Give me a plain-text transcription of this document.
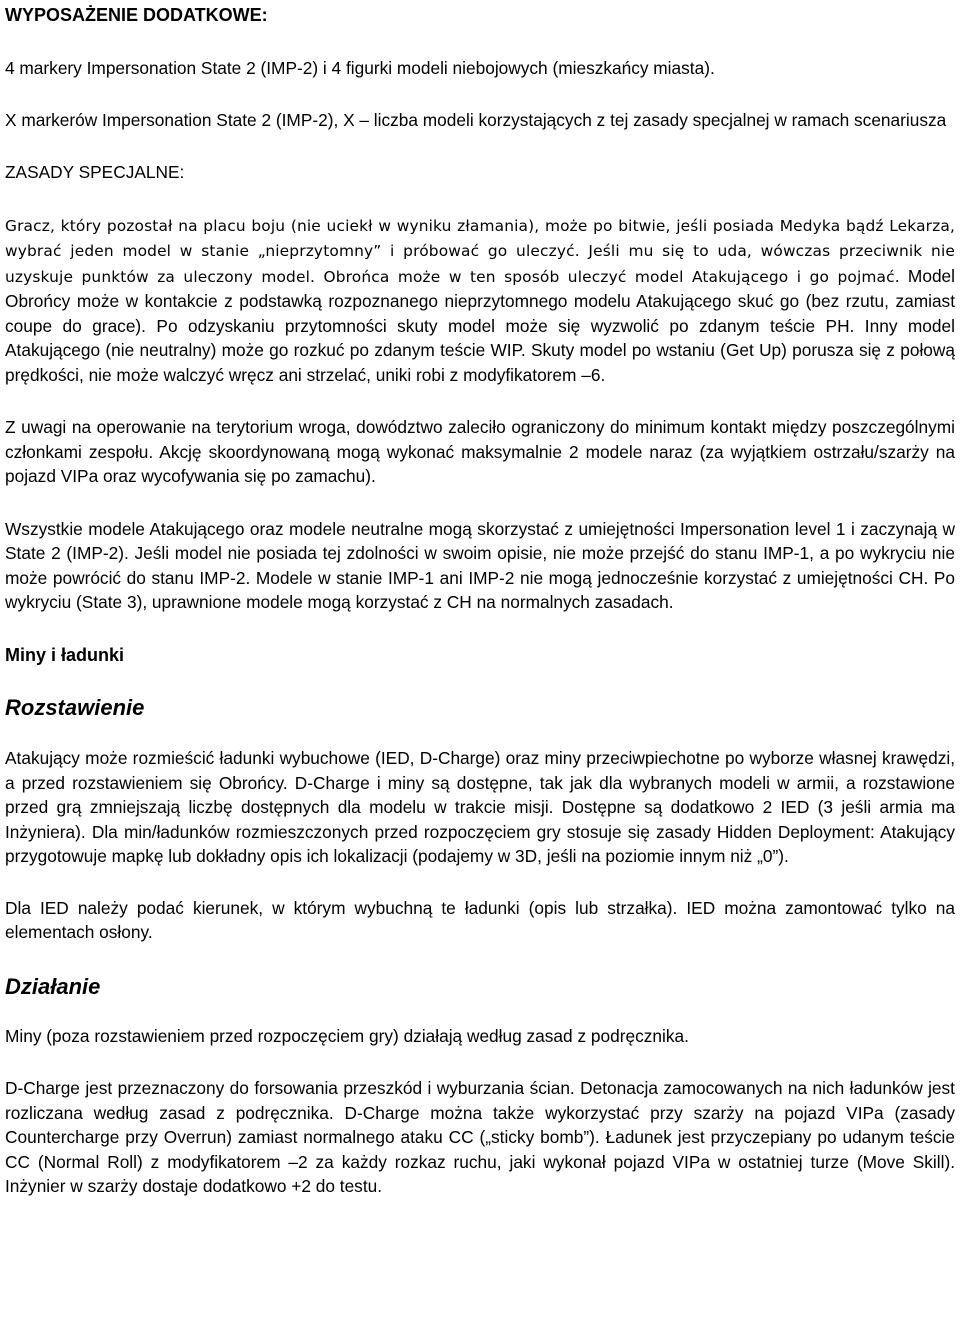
WYPOSAŻENIE DODATKOWE:

4 markery Impersonation State 2 (IMP-2) i 4 figurki modeli niebojowych (mieszkańcy miasta).

X markerów Impersonation State 2 (IMP-2), X – liczba modeli korzystających z tej zasady specjalnej w ramach scenariusza

ZASADY SPECJALNE:

Gracz, który pozostał na placu boju (nie uciekł w wyniku złamania), może po bitwie, jeśli posiada Medyka bądź Lekarza, wybrać jeden model w stanie „nieprzytomny” i próbować go uleczyć. Jeśli mu się to uda, wówczas przeciwnik nie uzyskuje punktów za uleczony model. Obrońca może w ten sposób uleczyć model Atakującego i go pojmać. Model Obrońcy może w kontakcie z podstawką rozpoznanego nieprzytomnego modelu Atakującego skuć go (bez rzutu, zamiast coupe do grace). Po odzyskaniu przytomności skuty model może się wyzwolić po zdanym teście PH. Inny model Atakującego (nie neutralny) może go rozkuć po zdanym teście WIP. Skuty model po wstaniu (Get Up) porusza się z połową prędkości, nie może walczyć wręcz ani strzelać, uniki robi z modyfikatorem –6.

Z uwagi na operowanie na terytorium wroga, dowództwo zaleciło ograniczony do minimum kontakt między poszczególnymi członkami zespołu. Akcję skoordynowaną mogą wykonać maksymalnie 2 modele naraz (za wyjątkiem ostrzału/szarży na pojazd VIPa oraz wycofywania się po zamachu).

Wszystkie modele Atakującego oraz modele neutralne mogą skorzystać z umiejętności Impersonation level 1 i zaczynają w State 2 (IMP-2). Jeśli model nie posiada tej zdolności w swoim opisie, nie może przejść do stanu IMP-1, a po wykryciu nie może powrócić do stanu IMP-2. Modele w stanie IMP-1 ani IMP-2 nie mogą jednocześnie korzystać z umiejętności CH. Po wykryciu (State 3), uprawnione modele mogą korzystać z CH na normalnych zasadach.

Miny i ładunki
Rozstawienie

Atakujący może rozmieścić ładunki wybuchowe (IED, D-Charge) oraz miny przeciwpiechotne po wyborze własnej krawędzi, a przed rozstawieniem się Obrońcy. D-Charge i miny są dostępne, tak jak dla wybranych modeli w armii, a rozstawione przed grą zmniejszają liczbę dostępnych dla modelu w trakcie misji. Dostępne są dodatkowo 2 IED (3 jeśli armia ma Inżyniera). Dla min/ładunków rozmieszczonych przed rozpoczęciem gry stosuje się zasady Hidden Deployment: Atakujący przygotowuje mapkę lub dokładny opis ich lokalizacji (podajemy w 3D, jeśli na poziomie innym niż „0”).

Dla IED należy podać kierunek, w którym wybuchną te ładunki (opis lub strzałka). IED można zamontować tylko na elementach osłony.

Działanie

Miny (poza rozstawieniem przed rozpoczęciem gry) działają według zasad z podręcznika.

D-Charge jest przeznaczony do forsowania przeszkód i wyburzania ścian. Detonacja zamocowanych na nich ładunków jest rozliczana według zasad z podręcznika. D-Charge można także wykorzystać przy szarży na pojazd VIPa (zasady Countercharge przy Overrun) zamiast normalnego ataku CC („sticky bomb”). Ładunek jest przyczepiany po udanym teście CC (Normal Roll) z modyfikatorem –2 za każdy rozkaz ruchu, jaki wykonał pojazd VIPa w ostatniej turze (Move Skill). Inżynier w szarży dostaje dodatkowo +2 do testu.
